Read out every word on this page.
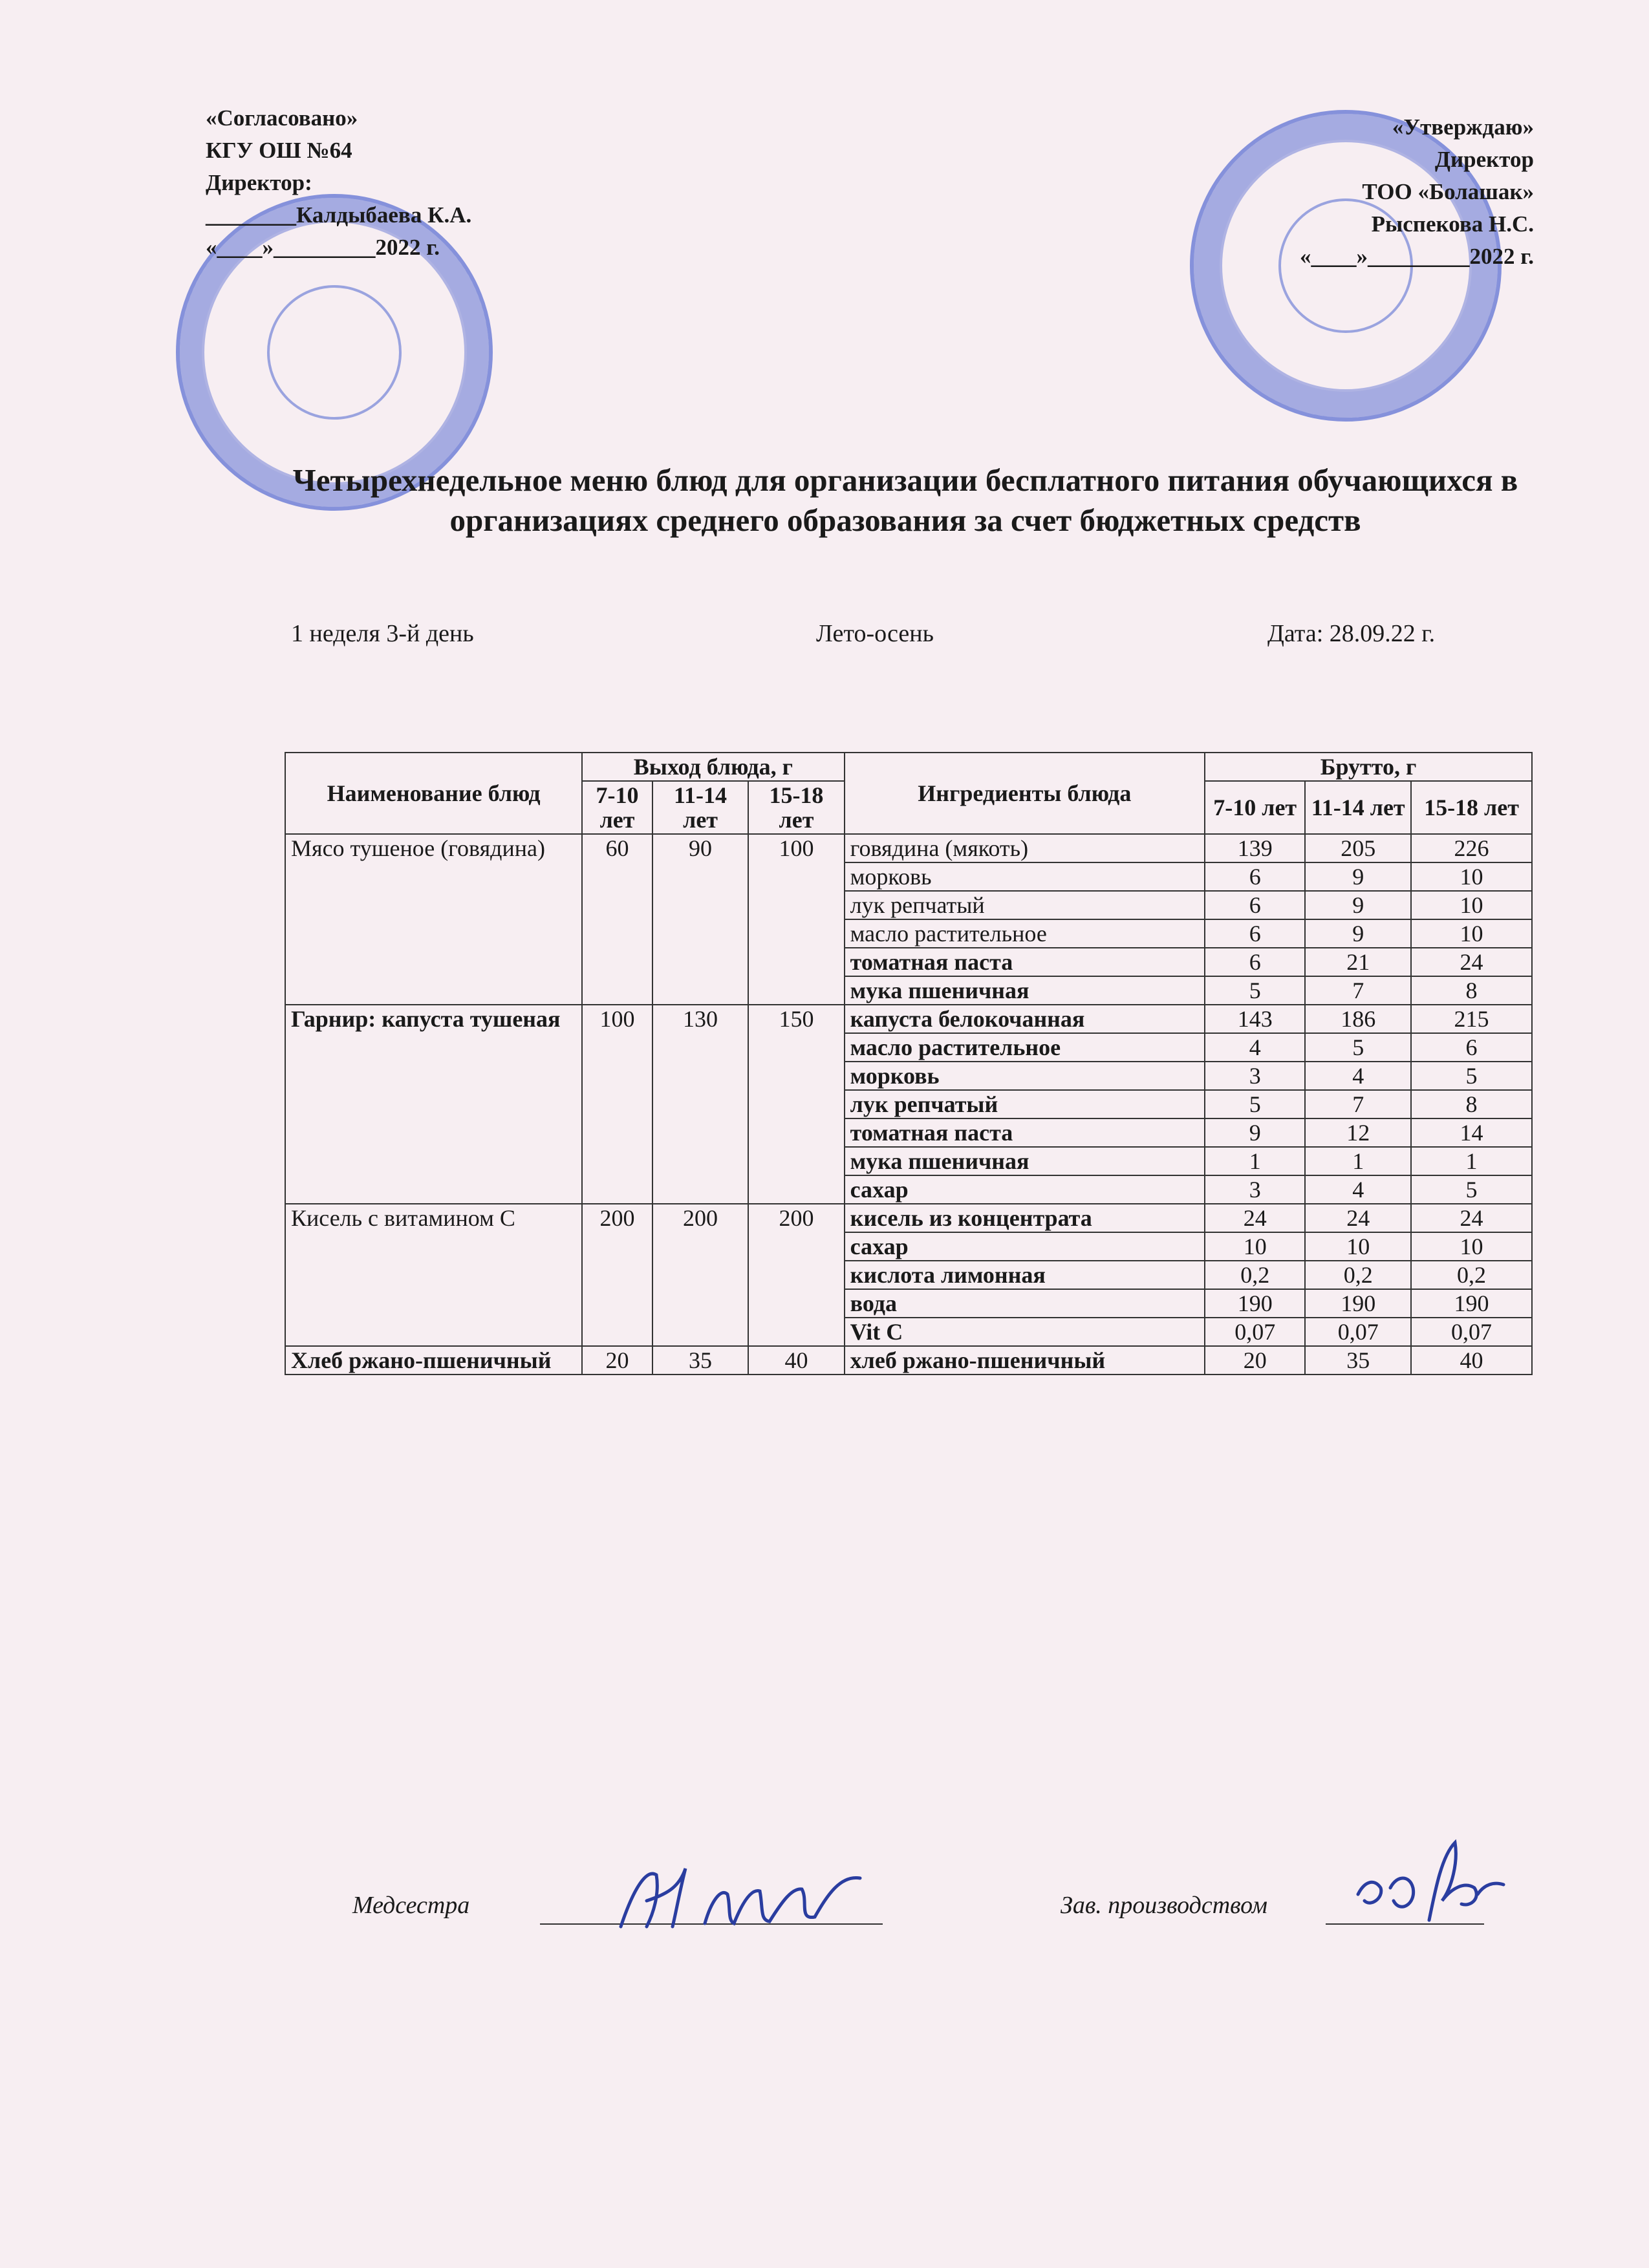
«Согласовано»
КГУ ОШ №64
Директор:
________Калдыбаева К.А.
«____»_________2022 г.
«Утверждаю»
Директор
ТОО «Болашак»
Рыспекова Н.С.
«____»_________2022 г.
Четырехнедельное меню блюд для организации бесплатного питания обучающихся в организациях среднего образования за счет бюджетных средств
1 неделя 3-й день	Лето-осень	Дата: 28.09.22 г.
Наименование блюд	Выход блюда, г			Ингредиенты блюда	Брутто, г		
	7-10 лет	11-14 лет	15-18 лет		7-10 лет	11-14 лет	15-18 лет
Мясо тушеное (говядина)	60	90	100	говядина (мякоть)	139	205	226
				морковь	6	9	10
				лук репчатый	6	9	10
				масло растительное	6	9	10
				томатная паста	6	21	24
				мука пшеничная	5	7	8
Гарнир: капуста тушеная	100	130	150	капуста белокочанная	143	186	215
				масло растительное	4	5	6
				морковь	3	4	5
				лук репчатый	5	7	8
				томатная паста	9	12	14
				мука пшеничная	1	1	1
				сахар	3	4	5
Кисель с витамином С	200	200	200	кисель из концентрата	24	24	24
				сахар	10	10	10
				кислота лимонная	0,2	0,2	0,2
				вода	190	190	190
				Vit C	0,07	0,07	0,07
Хлеб ржано-пшеничный	20	35	40	хлеб ржано-пшеничный	20	35	40
Медсестра	Зав. производством
